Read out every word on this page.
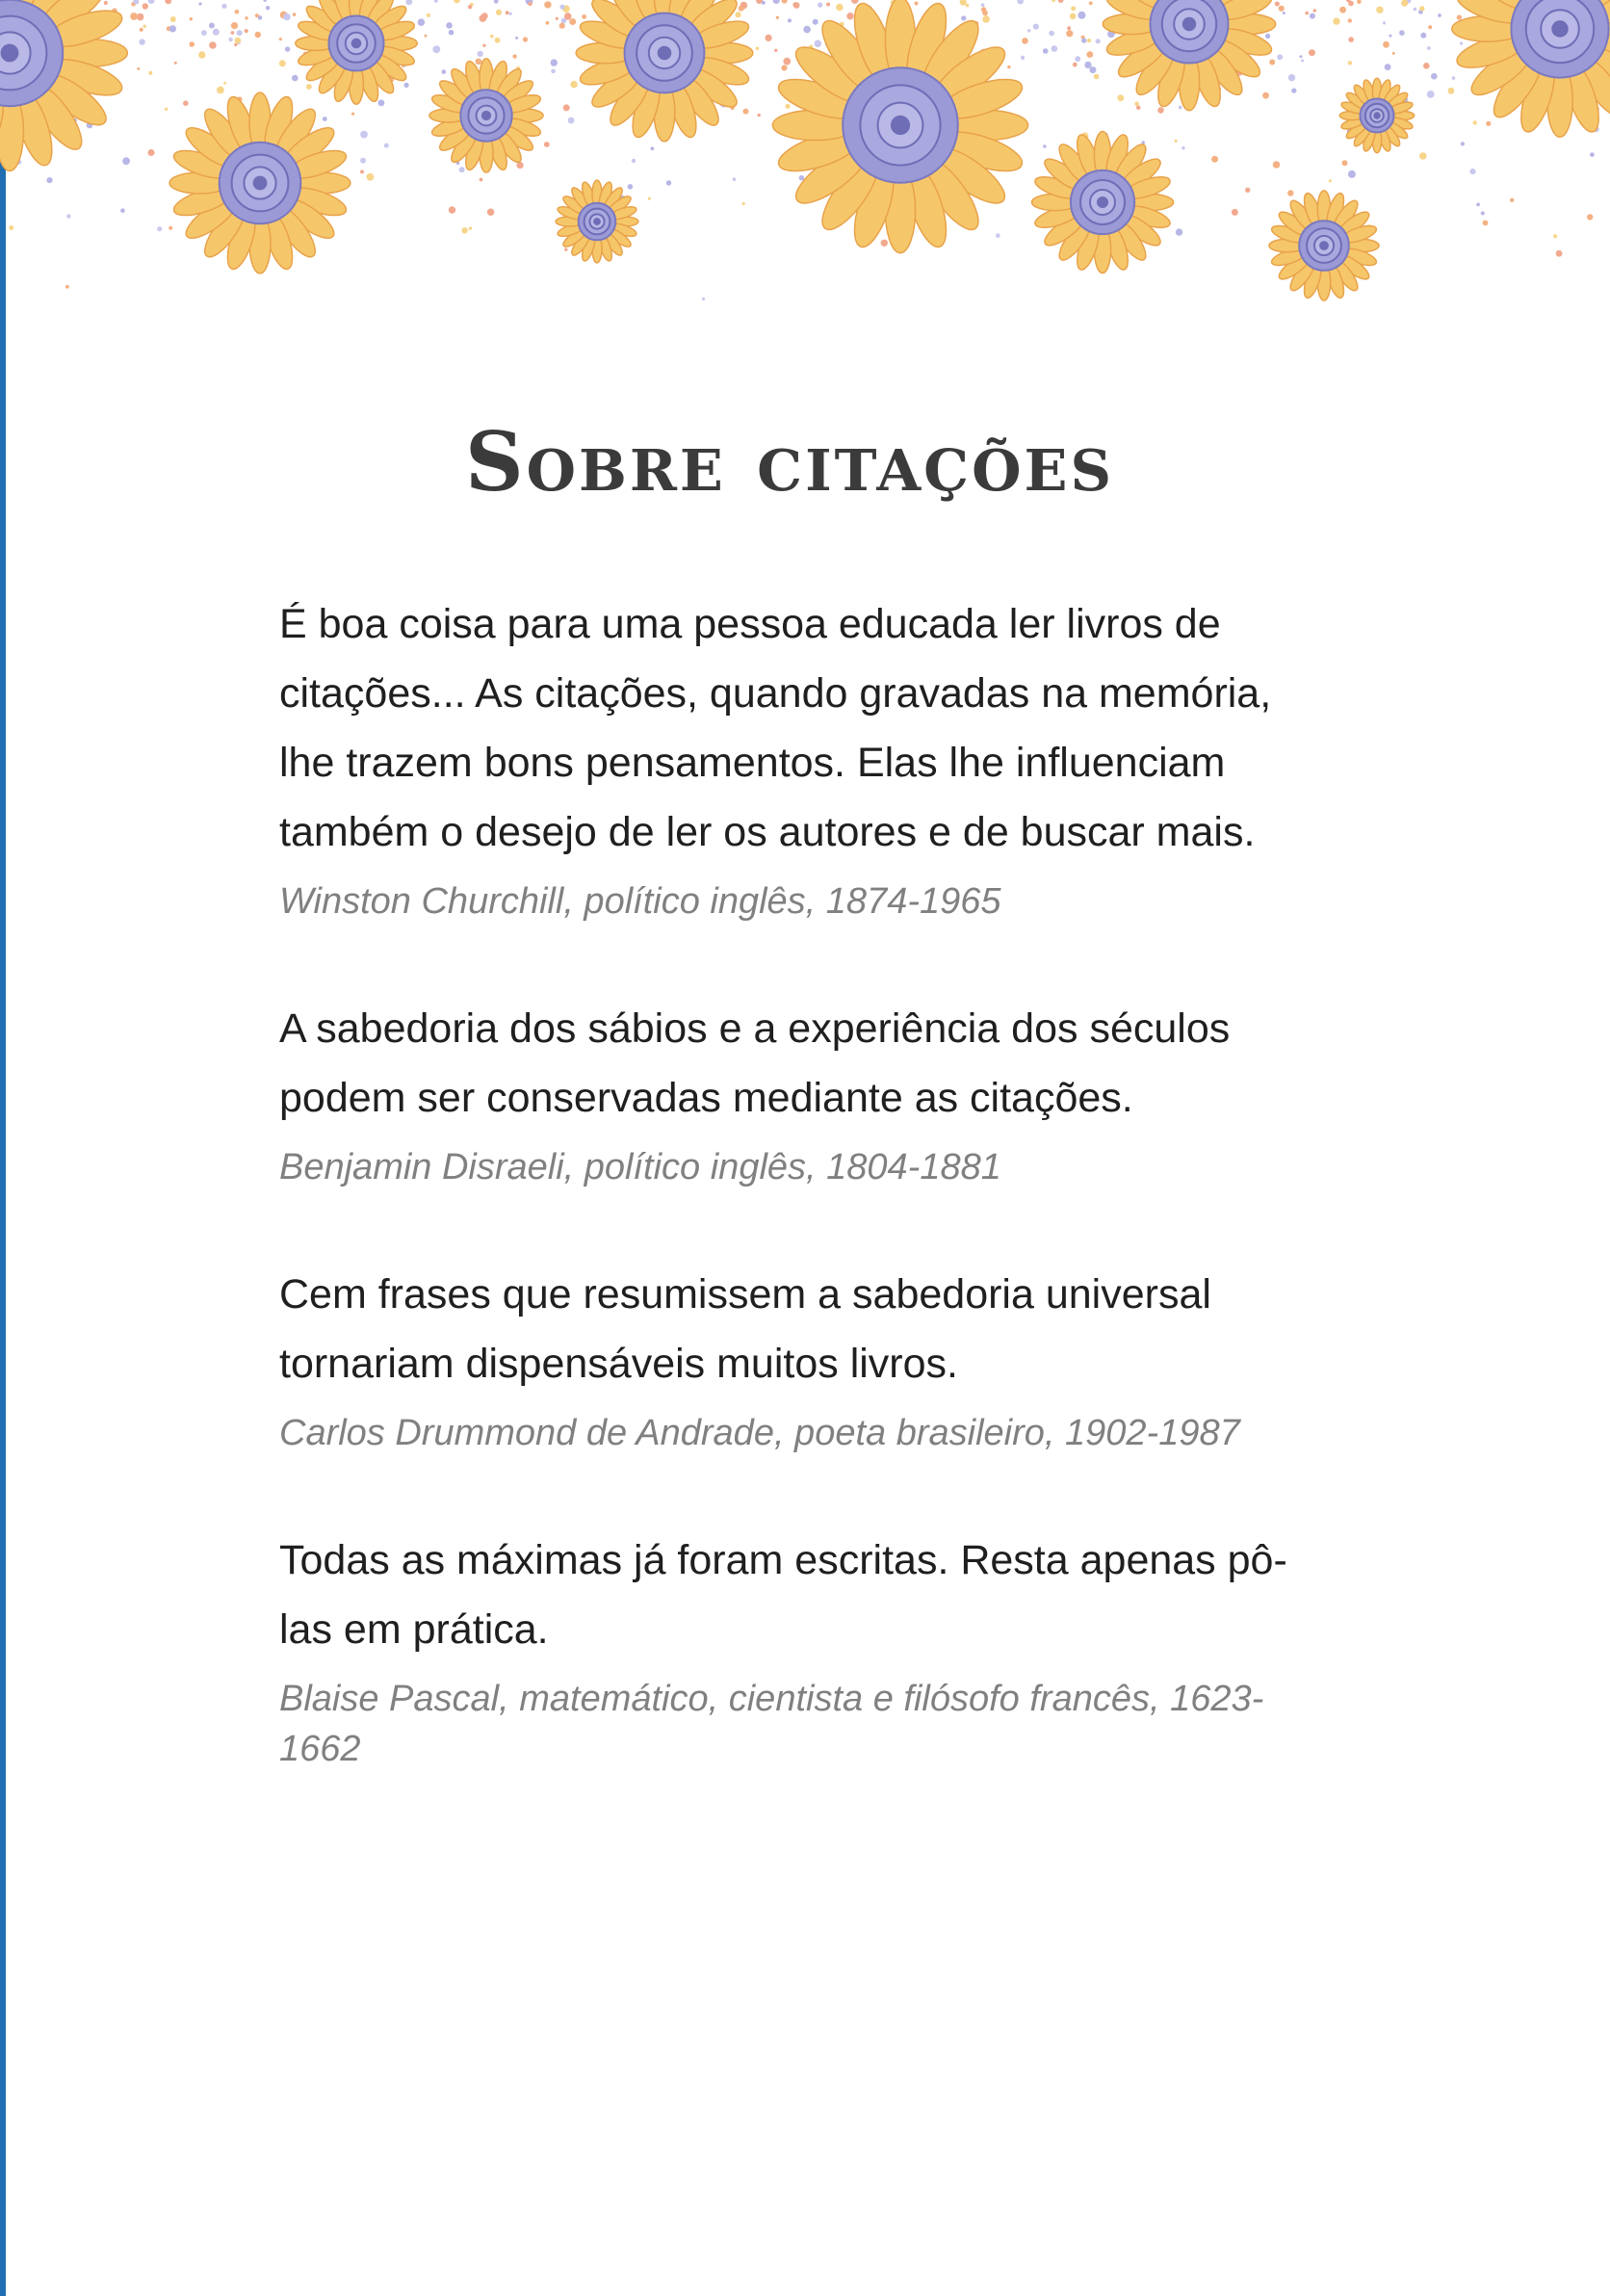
Sobre citações

É boa coisa para uma pessoa educada ler livros de citações... As citações, quando gravadas na memória, lhe trazem bons pensamentos. Elas lhe influenciam também o desejo de ler os autores e de buscar mais.

Winston Churchill, político inglês, 1874-1965

A sabedoria dos sábios e a experiência dos séculos podem ser conservadas mediante as citações.

Benjamin Disraeli, político inglês, 1804-1881

Cem frases que resumissem a sabedoria universal tornariam dispensáveis muitos livros.

Carlos Drummond de Andrade, poeta brasileiro, 1902-1987

Todas as máximas já foram escritas. Resta apenas pô-las em prática.

Blaise Pascal, matemático, cientista e filósofo francês, 1623-1662
